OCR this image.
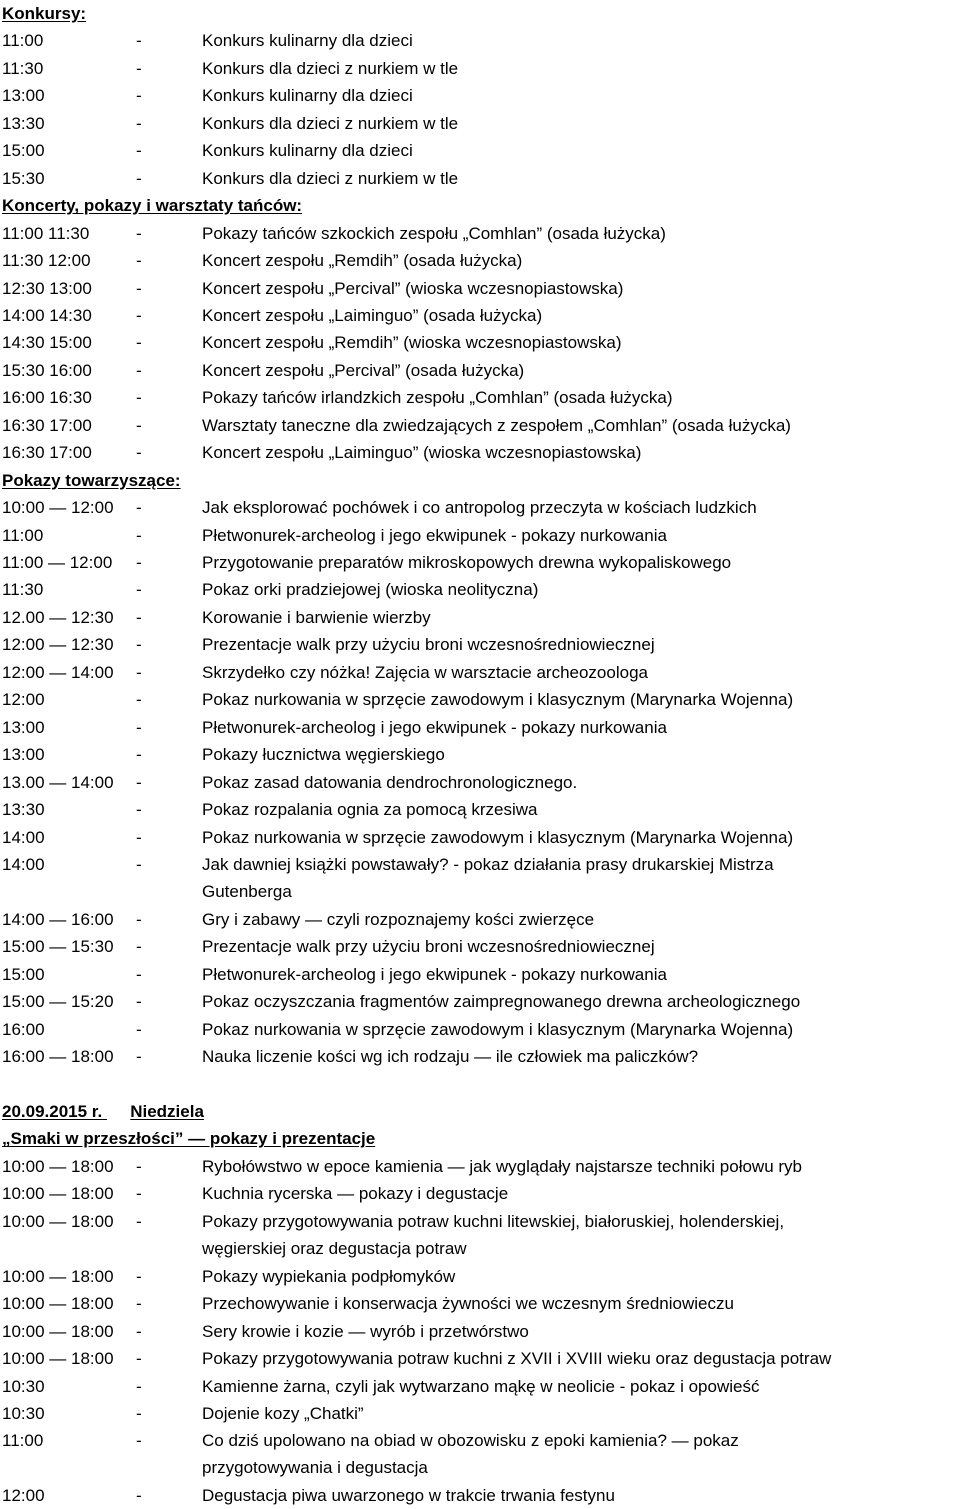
Konkursy:
11:00	-	Konkurs kulinarny dla dzieci
11:30	-	Konkurs dla dzieci z nurkiem w tle
13:00	-	Konkurs kulinarny dla dzieci
13:30	-	Konkurs dla dzieci z nurkiem w tle
15:00	-	Konkurs kulinarny dla dzieci
15:30	-	Konkurs dla dzieci z nurkiem w tle
Koncerty, pokazy i warsztaty tańców:
11:00 11:30	-	Pokazy tańców szkockich zespołu „Comhlan” (osada łużycka)
11:30 12:00	-	Koncert zespołu „Remdih” (osada łużycka)
12:30 13:00	-	Koncert zespołu „Percival” (wioska wczesnopiastowska)
14:00 14:30	-	Koncert zespołu „Laiminguo” (osada łużycka)
14:30 15:00	-	Koncert zespołu „Remdih” (wioska wczesnopiastowska)
15:30 16:00	-	Koncert zespołu „Percival” (osada łużycka)
16:00 16:30	-	Pokazy tańców irlandzkich zespołu „Comhlan” (osada łużycka)
16:30 17:00	-	Warsztaty taneczne dla zwiedzających z zespołem „Comhlan” (osada łużycka)
16:30 17:00	-	Koncert zespołu „Laiminguo” (wioska wczesnopiastowska)
Pokazy towarzyszące:
10:00 — 12:00 -	Jak eksplorować pochówek i co antropolog przeczyta w kościach ludzkich
11:00	-	Płetwonurek-archeolog i jego ekwipunek - pokazy nurkowania
11:00 — 12:00 -	Przygotowanie preparatów mikroskopowych drewna wykopaliskowego
11:30	-	Pokaz orki pradziejowej (wioska neolityczna)
12.00 — 12:30 -	Korowanie i barwienie wierzby
12:00 — 12:30 -	Prezentacje walk przy użyciu broni wczesnośredniowiecznej
12:00 — 14:00 -	Skrzydełko czy nóżka! Zajęcia w warsztacie archeozoologa
12:00	-	Pokaz nurkowania w sprzęcie zawodowym i klasycznym (Marynarka Wojenna)
13:00	-	Płetwonurek-archeolog i jego ekwipunek - pokazy nurkowania
13:00	-	Pokazy łucznictwa węgierskiego
13.00 — 14:00 -	Pokaz zasad datowania dendrochronologicznego.
13:30	-	Pokaz rozpalania ognia za pomocą krzesiwa
14:00	-	Pokaz nurkowania w sprzęcie zawodowym i klasycznym (Marynarka Wojenna)
14:00	-	Jak dawniej książki powstawały? - pokaz działania prasy drukarskiej Mistrza
Gutenberga
14:00 — 16:00 -	Gry i zabawy — czyli rozpoznajemy kości zwierzęce
15:00 — 15:30 -	Prezentacje walk przy użyciu broni wczesnośredniowiecznej
15:00	-	Płetwonurek-archeolog i jego ekwipunek - pokazy nurkowania
15:00 — 15:20 -	Pokaz oczyszczania fragmentów zaimpregnowanego drewna archeologicznego
16:00	-	Pokaz nurkowania w sprzęcie zawodowym i klasycznym (Marynarka Wojenna)
16:00 — 18:00 -	Nauka liczenie kości wg ich rodzaju — ile człowiek ma paliczków?
20.09.2015 r. Niedziela
„Smaki w przeszłości” — pokazy i prezentacje
10:00 — 18:00 -	Rybołówstwo w epoce kamienia — jak wyglądały najstarsze techniki połowu ryb
10:00 — 18:00 -	Kuchnia rycerska — pokazy i degustacje
10:00 — 18:00 -	Pokazy przygotowywania potraw kuchni litewskiej, białoruskiej, holenderskiej,
węgierskiej oraz degustacja potraw
10:00 — 18:00 -	Pokazy wypiekania podpłomyków
10:00 — 18:00 -	Przechowywanie i konserwacja żywności we wczesnym średniowieczu
10:00 — 18:00 -	Sery krowie i kozie — wyrób i przetwórstwo
10:00 — 18:00 -	Pokazy przygotowywania potraw kuchni z XVII i XVIII wieku oraz degustacja potraw
10:30	-	Kamienne żarna, czyli jak wytwarzano mąkę w neolicie - pokaz i opowieść
10:30	-	Dojenie kozy „Chatki”
11:00	-	Co dziś upolowano na obiad w obozowisku z epoki kamienia? — pokaz
przygotowywania i degustacja
12:00	-	Degustacja piwa uwarzonego w trakcie trwania festynu
